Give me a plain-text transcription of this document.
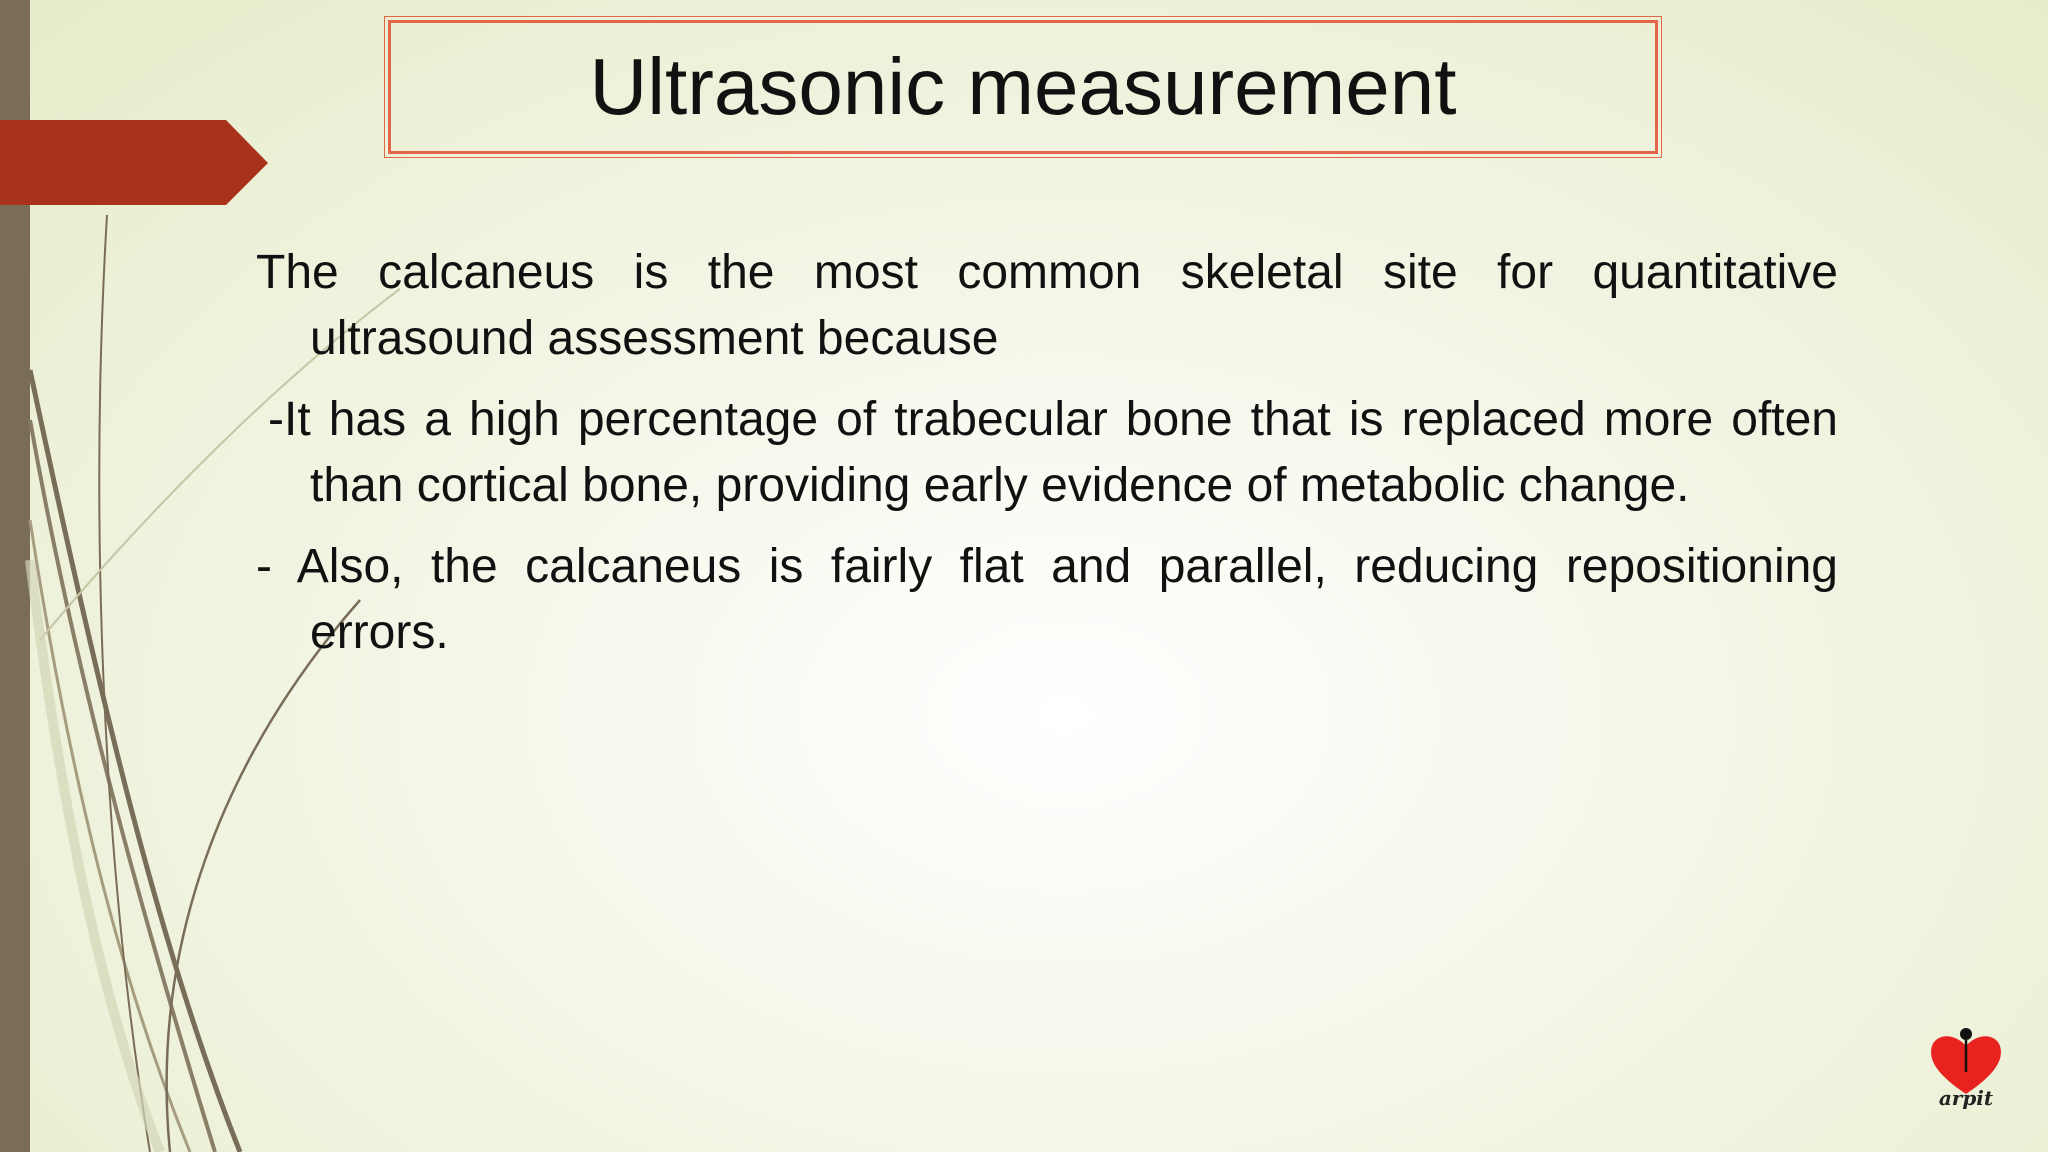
Ultrasonic measurement

The calcaneus is the most common skeletal site for quantitative ultrasound assessment because

-It has a high percentage of trabecular bone that is replaced more often than cortical bone, providing early evidence of metabolic change.

- Also, the calcaneus is fairly flat and parallel, reducing repositioning errors.

arpit
